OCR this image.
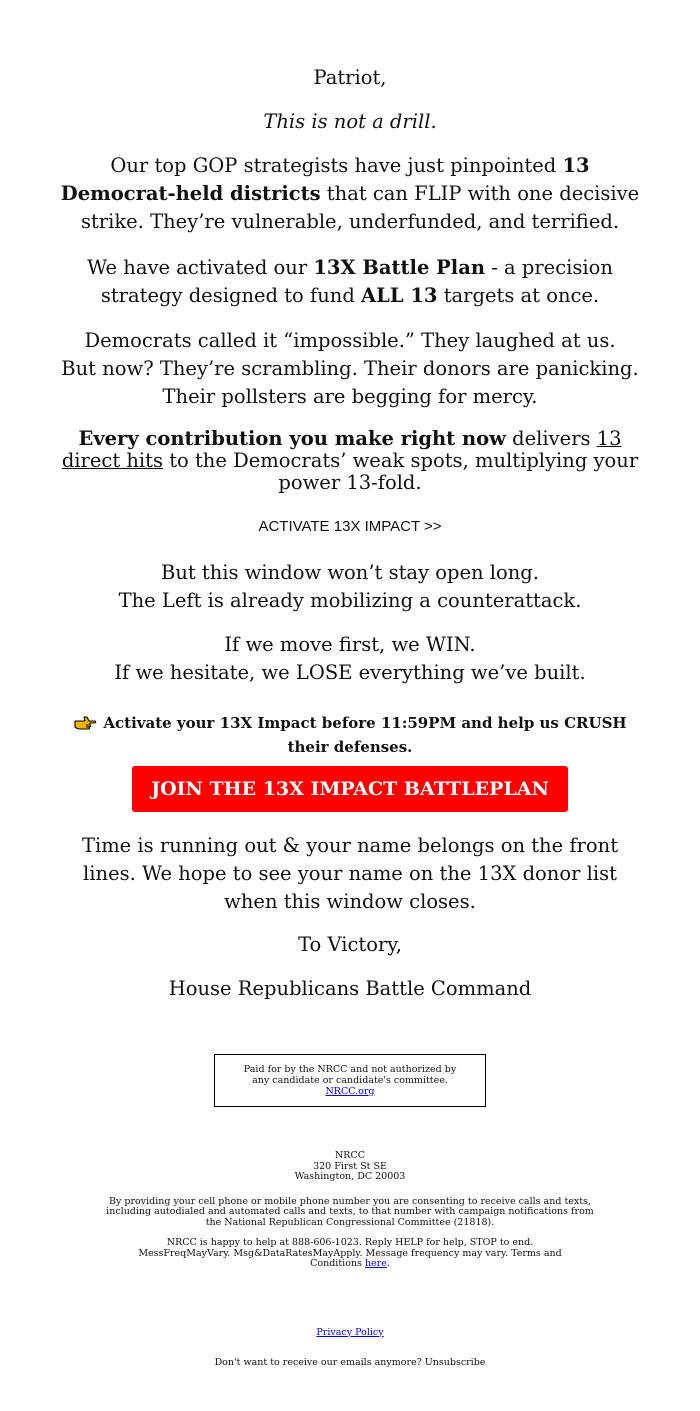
Patriot,

This is not a drill.

Our top GOP strategists have just pinpointed 13 Democrat-held districts that can FLIP with one decisive strike. They’re vulnerable, underfunded, and terrified.

We have activated our 13X Battle Plan - a precision strategy designed to fund ALL 13 targets at once.

Democrats called it “impossible.” They laughed at us.
But now? They’re scrambling. Their donors are panicking. Their pollsters are begging for mercy.

Every contribution you make right now delivers 13 direct hits to the Democrats’ weak spots, multiplying your power 13-fold.

ACTIVATE 13X IMPACT >>

But this window won’t stay open long.
The Left is already mobilizing a counterattack.

If we move first, we WIN.
If we hesitate, we LOSE everything we’ve built.

Activate your 13X Impact before 11:59PM and help us CRUSH their defenses.

JOIN THE 13X IMPACT BATTLEPLAN

Time is running out & your name belongs on the front lines. We hope to see your name on the 13X donor list when this window closes.

To Victory,

House Republicans Battle Command

Paid for by the NRCC and not authorized by any candidate or candidate's committee. NRCC.org
NRCC
320 First St SE
Washington, DC 20003
By providing your cell phone or mobile phone number you are consenting to receive calls and texts, including autodialed and automated calls and texts, to that number with campaign notifications from the National Republican Congressional Committee (21818).
NRCC is happy to help at 888-606-1023. Reply HELP for help, STOP to end. MessFreqMayVary. Msg&DataRatesMayApply. Message frequency may vary. Terms and Conditions here.
Privacy Policy
Don't want to receive our emails anymore? Unsubscribe
